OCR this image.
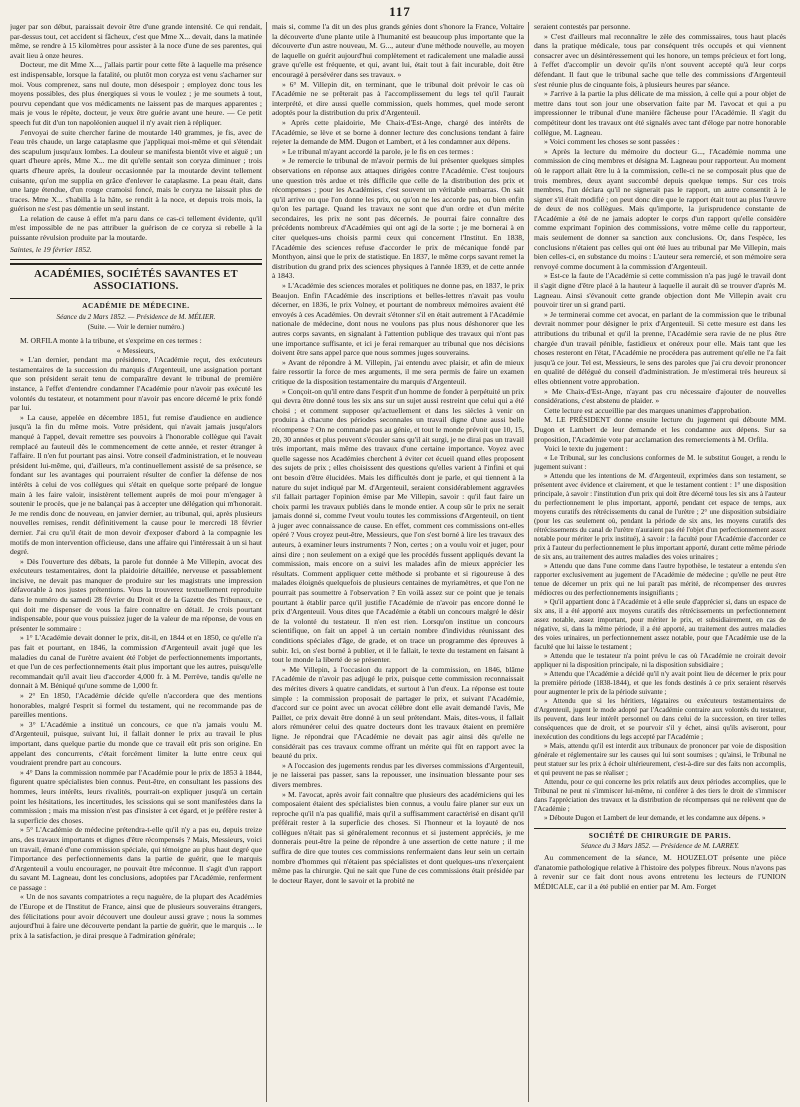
117

juger par son début, paraissait devoir être d'une grande intensité. Ce qui rendait, par-dessus tout, cet accident si fâcheux, c'est que Mme X... devait, dans la matinée même, se rendre à 15 kilomètres pour assister à la noce d'une de ses parentes, qui avait lieu à onze heures.

Docteur, me dit Mme X..., j'allais partir pour cette fête à laquelle ma présence est indispensable, lorsque la fatalité, ou plutôt mon coryza est venu s'acharner sur moi. Vous comprenez, sans nul doute, mon désespoir ; employez donc tous les moyens possibles, des plus énergiques si vous le voulez ; je me soumets à tout, pourvu cependant que vos médicaments ne laissent pas de marques apparentes ; mais je vous le répète, docteur, je veux être guérie avant une heure. — Ce petit speech fut dit d'un ton napoléonien auquel il n'y avait rien à répliquer.

J'envoyai de suite chercher farine de moutarde 140 grammes, je fis, avec de l'eau très chaude, un large cataplasme que j'appliquai moi-même et qui s'étendait des scapulum jusqu'aux lombes. La douleur se manifesta bientôt vive et aiguë ; un quart d'heure après, Mme X... me dit qu'elle sentait son coryza diminuer ; trois quarts d'heure après, la douleur occasionnée par la moutarde devint tellement cuisante, qu'on me supplia en grâce d'enlever le cataplasme. La peau était, dans une large étendue, d'un rouge cramoisi foncé, mais le coryza ne laissait plus de traces. Mme X... s'habilla à la hâte, se rendit à la noce, et depuis trois mois, la guérison ne s'est pas démentie un seul instant.

La relation de cause à effet m'a paru dans ce cas-ci tellement évidente, qu'il m'est impossible de ne pas attribuer la guérison de ce coryza si rebelle à la puissante révulsion produite par la moutarde.

Saintes, le 19 février 1852.

ACADÉMIES, SOCIÉTÉS SAVANTES ET ASSOCIATIONS.
ACADÉMIE DE MÉDECINE.
Séance du 2 Mars 1852. — Présidence de M. MÉLIER.
(Suite. — Voir le dernier numéro.)

M. ORFILA monte à la tribune, et s'exprime en ces termes :

« Messieurs,

» L'an dernier, pendant ma présidence, l'Académie reçut, des exécuteurs testamentaires de la succession du marquis d'Argenteuil, une assignation portant que son président serait tenu de comparaître devant le tribunal de première instance, à l'effet d'entendre condamner l'Académie pour n'avoir pas exécuté les volontés du testateur, et notamment pour n'avoir pas encore décerné le prix fondé par lui.

» La cause, appelée en décembre 1851, fut remise d'audience en audience jusqu'à la fin du même mois. Votre président, qui n'avait jamais jusqu'alors manqué à l'appel, devait remettre ses pouvoirs à l'honorable collègue qui l'avait remplacé au fauteuil dès le commencement de cette année, et rester étranger à l'affaire. Il n'en fut pourtant pas ainsi. Votre conseil d'administration, et le nouveau président lui-même, qui, d'ailleurs, m'a continuellement assisté de sa présence, se fondant sur les avantages qui pourraient résulter de confier la défense de nos intérêts à celui de vos collègues qui s'était en quelque sorte préparé de longue main à les faire valoir, insistèrent tellement auprès de moi pour m'engager à soutenir le procès, que je ne balançai pas à accepter une délégation qui m'honorait. Je me rendis donc de nouveau, en janvier dernier, au tribunal, qui, après plusieurs nouvelles remises, rendit définitivement la cause pour le mercredi 18 février dernier. J'ai cru qu'il était de mon devoir d'exposer d'abord à la compagnie les motifs de mon intervention officieuse, dans une affaire qui l'intéressait à un si haut degré.

» Dès l'ouverture des débats, la parole fut donnée à Me Villepin, avocat des exécuteurs testamentaires, dont la plaidoirie détaillée, nerveuse et passablement incisive, ne devait pas manquer de produire sur les magistrats une impression défavorable à nos justes prétentions. Vous la trouverez textuellement reproduite dans le numéro du samedi 28 février du Droit et de la Gazette des Tribunaux, ce qui doit me dispenser de vous la faire connaître en détail. Je crois pourtant indispensable, pour que vous puissiez juger de la valeur de ma réponse, de vous en présenter le sommaire :

» 1° L'Académie devait donner le prix, dit-il, en 1844 et en 1850, ce qu'elle n'a pas fait et pourtant, en 1846, la commission d'Argenteuil avait jugé que les maladies du canal de l'urètre avaient été l'objet de perfectionnements importants, et que l'un de ces perfectionnements était plus important que les autres, puisqu'elle recommandait qu'il avait lieu d'accorder 4,000 fr. à M. Perrève, tandis qu'elle ne donnait à M. Béniqué qu'une somme de 1,000 fr.

» 2° En 1850, l'Académie décide qu'elle n'accordera que des mentions honorables, malgré l'esprit si formel du testament, qui ne recommande pas de pareilles mentions.

» 3° L'Académie a institué un concours, ce que n'a jamais voulu M. d'Argenteuil, puisque, suivant lui, il fallait donner le prix au travail le plus important, dans quelque partie du monde que ce travail eût pris son origine. En appelant des concurrents, c'était forcément limiter la lutte entre ceux qui voudraient prendre part au concours.

» 4° Dans la commission nommée par l'Académie pour le prix de 1853 à 1844, figurent quatre spécialistes bien connus. Peut-être, en consultant les passions des hommes, leurs intérêts, leurs rivalités, pourrait-on expliquer jusqu'à un certain point les hésitations, les incertitudes, les scissions qui se sont manifestées dans la commission ; mais ma mission n'est pas d'insister à cet égard, et je préfère rester à la superficie des choses.

» 5° L'Académie de médecine prétendra-t-elle qu'il n'y a pas eu, depuis treize ans, des travaux importants et dignes d'être récompensés ? Mais, Messieurs, voici un travail, émané d'une commission spéciale, qui témoigne au plus haut degré que l'importance des perfectionnements dans la partie de guérir, que le marquis d'Argenteuil a voulu encourager, ne pouvait être méconnue. Il s'agit d'un rapport du savant M. Lagneau, dont les conclusions, adoptées par l'Académie, renferment ce passage :

« Un de nos savants compatriotes a reçu naguère, de la plupart des Académies de l'Europe et de l'Institut de France, ainsi que de plusieurs souverains étrangers, des félicitations pour avoir découvert une douleur aussi grave ; nous la sommes aujourd'hui à faire une découverte pendant la partie de guérir, que le marquis ... le prix à la satisfaction, je dirai presque à l'admiration générale;

mais si, comme l'a dit un des plus grands génies dont s'honore la France, Voltaire la découverte d'une plante utile à l'humanité est beaucoup plus importante que la découverte d'un astre nouveau, M. G..., auteur d'une méthode nouvelle, au moyen de laquelle on guérit aujourd'hui complètement et radicalement une maladie aussi grave qu'elle est fréquente, et qui, avant lui, était tout à fait incurable, doit être encouragé à persévérer dans ses travaux. »

» 6° M. Villepin dit, en terminant, que le tribunal doit prévoir le cas où l'Académie ne se prêterait pas à l'accomplissement du legs tel qu'il l'aurait interprété, et dire aussi quelle commission, quels hommes, quel mode seront adoptés pour la distribution du prix d'Argenteuil.

» Après cette plaidoirie, Me Chaix-d'Est-Ange, chargé des intérêts de l'Académie, se lève et se borne à donner lecture des conclusions tendant à faire rejeter la demande de MM. Dugon et Lambert, et à les condamner aux dépens.

» Le tribunal m'ayant accordé la parole, je le fis en ces termes :

» Je remercie le tribunal de m'avoir permis de lui présenter quelques simples observations en réponse aux attaques dirigées contre l'Académie. C'est toujours une question très ardue et très difficile que celle de la distribution des prix et récompenses ; pour les Académies, c'est souvent un véritable embarras. On sait qu'il arrive ou que l'on donne les prix, ou qu'on ne les accorde pas, ou bien enfin qu'on les partage. Quand les travaux ne sont que d'un ordre et d'un mérite secondaires, les prix ne sont pas décernés. Je pourrai faire connaître des précédents nombreux d'Académies qui ont agi de la sorte ; je me bornerai à en citer quelques-uns choisis parmi ceux qui concernent l'Institut. En 1838, l'Académie des sciences refuse d'accorder le prix de mécanique fondé par Monthyon, ainsi que le prix de statistique. En 1837, le même corps savant remet la distribution du grand prix des sciences physiques à l'année 1839, et de cette année à 1843.

» L'Académie des sciences morales et politiques ne donne pas, en 1837, le prix Beaujon. Enfin l'Académie des inscriptions et belles-lettres n'avait pas voulu décerner, en 1836, le prix Volney, et pourtant de nombreux mémoires avaient été envoyés à ces Académies. On devrait s'étonner s'il en était autrement à l'Académie nationale de médecine, dont nous ne voulons pas plus nous déshonorer que les autres corps savants, en signalant à l'attention publique des travaux qui n'ont pas une importance suffisante, et ici je ferai remarquer au tribunal que nos décisions doivent être sans appel parce que nous sommes juges souverains.

» Avant de répondre à M. Villepin, j'ai entendu avec plaisir, et afin de mieux faire ressortir la force de mes arguments, il me sera permis de faire un examen critique de la disposition testamentaire du marquis d'Argenteuil.

» Conçoit-on qu'il entre dans l'esprit d'un homme de fonder à perpétuité un prix qui devra être donné tous les six ans sur un sujet aussi restreint que celui qui a été choisi ; et comment supposer qu'actuellement et dans les siècles à venir on produira à chacune des périodes seconnales un travail digne d'une aussi belle récompense ? On ne commande pas au génie, et tout le monde prévoit que 10, 15, 20, 30 années et plus peuvent s'écouler sans qu'il ait surgi, je ne dirai pas un travail très important, mais même des travaux d'une certaine importance. Voyez avec quelle sagesse nos Académies cherchent à éviter cet écueil quand elles proposent des sujets de prix ; elles choisissent des questions qu'elles varient à l'infini et qui ont besoin d'être élucidées. Mais les difficultés dont je parle, et qui tiennent à la nature du sujet indiqué par M. d'Argenteuil, seraient considérablement aggravées s'il fallait partager l'opinion émise par Me Villepin, savoir : qu'il faut faire un choix parmi les travaux publiés dans le monde entier. A coup sûr le prix ne serait jamais donné si, comme l'veut voulu toutes les commissions d'Argenteuil, on tient à juger avec connaissance de cause. En effet, comment ces commissions ont-elles opéré ? Vous croyez peut-être, Messieurs, que l'on s'est borné à lire les travaux des auteurs, à examiner leurs instruments ? Non, certes ; on a voulu voir et juger, pour ainsi dire ; non seulement on a exigé que les procédés fussent appliqués devant la commission, mais encore on a suivi les malades afin de mieux apprécier les résultats. Comment appliquer cette méthode si probante et si rigoureuse à des malades éloignés quelquefois de plusieurs centaines de myriamètres, et que l'on ne pourrait pas soumettre à l'observation ? En voilà assez sur ce point que je tenais pourtant à établir parce qu'il justifie l'Académie de n'avoir pas encore donné le prix d'Argenteuil. Vous dites que l'Académie a établi un concours malgré le désir de la volonté du testateur. Il n'en est rien. Lorsqu'on institue un concours scientifique, on fait un appel à un certain nombre d'individus réunissant des conditions spéciales d'âge, de grade, et on trace un programme des épreuves à subir. Ici, on s'est borné à publier, et il le fallait, le texte du testament en faisant à tout le monde la liberté de se présenter.

» Me Villepin, à l'occasion du rapport de la commission, en 1846, blâme l'Académie de n'avoir pas adjugé le prix, puisque cette commission reconnaissait des mérites divers à quatre candidats, et surtout à l'un d'eux. La réponse est toute simple : la commission proposait de partager le prix, et suivant l'Académie, d'accord sur ce point avec un avocat célèbre dont elle avait demandé l'avis, Me Paillet, ce prix devait être donné à un seul prétendant. Mais, dites-vous, il fallait alors rémunérer celui des quatre docteurs dont les travaux étaient en première ligne. Je répondrai que l'Académie ne devait pas agir ainsi dès qu'elle ne considérait pas ces travaux comme offrant un mérite qui fût en rapport avec la beauté du prix.

» A l'occasion des jugements rendus par les diverses commissions d'Argenteuil, je ne laisserai pas passer, sans la repousser, une insinuation blessante pour ses divers membres.

» M. l'avocat, après avoir fait connaître que plusieurs des académiciens qui les composaient étaient des spécialistes bien connus, a voulu faire planer sur eux un reproche qu'il n'a pas qualifié, mais qu'il a suffisamment caractérisé en disant qu'il préférait rester à la superficie des choses. Si l'honneur et la loyauté de nos collègues n'était pas si généralement reconnus et si justement appréciés, je me donnerais peut-être la peine de répondre à une assertion de cette nature ; il me suffira de dire que toutes ces commissions renfermaient dans leur sein un certain nombre d'hommes qui n'étaient pas spécialistes et dont quelques-uns n'exerçaient même pas la chirurgie. Qui ne sait que l'une de ces commissions était présidée par le docteur Rayer, dont le savoir et la probité ne

seraient contestés par personne.

» C'est d'ailleurs mal reconnaître le zèle des commissaires, tous haut placés dans la pratique médicale, tous par conséquent très occupés et qui viennent consacrer avec un désintéressement qui les honore, un temps précieux et fort long, à l'effet d'accomplir un devoir qu'ils n'ont souvent accepté qu'à leur corps défendant. Il faut que le tribunal sache que telle des commissions d'Argenteuil s'est réunie plus de cinquante fois, à plusieurs heures par séance.

» J'arrive à la partie la plus délicate de ma mission, à celle qui a pour objet de mettre dans tout son jour une observation faite par M. l'avocat et qui a pu impressionner le tribunal d'une manière fâcheuse pour l'Académie. Il s'agit du compétiteur dont les travaux ont été signalés avec tant d'éloge par notre honorable collègue, M. Lagneau.

» Voici comment les choses se sont passées :

» Après la lecture du mémoire du docteur G..., l'Académie nomma une commission de cinq membres et désigna M. Lagneau pour rapporteur. Au moment où le rapport allait être lu à la commission, celle-ci ne se composait plus que de trois membres, deux ayant succombé depuis quelque temps. Sur ces trois membres, l'un déclara qu'il ne signerait pas le rapport, un autre consentit à le signer s'il était modifié ; on peut donc dire que le rapport était tout au plus l'œuvre de deux de nos collègues. Mais qu'importe, la jurisprudence constante de l'Académie a été de ne jamais adopter le corps d'un rapport qu'elle considère comme exprimant l'opinion des commissions, votre même celle du rapporteur, mais seulement de donner sa sanction aux conclusions. Or, dans l'espèce, les conclusions n'étaient pas celles qui ont été lues au tribunal par Me Villepin, mais bien celles-ci, en substance du moins : L'auteur sera remercié, et son mémoire sera renvoyé comme document à la commission d'Argenteuil.

» Est-ce la faute de l'Académie si cette commission n'a pas jugé le travail dont il s'agit digne d'être placé à la hauteur à laquelle il aurait dû se trouver d'après M. Lagneau. Ainsi s'évanouit cette grande objection dont Me Villepin avait cru pouvoir tirer un si grand parti.

» Je terminerai comme cet avocat, en parlant de la commission que le tribunal devrait nommer pour désigner le prix d'Argenteuil. Si cette mesure est dans les attributions du tribunal et qu'il la prenne, l'Académie sera ravie de ne plus être chargée d'un travail pénible, fastidieux et onéreux pour elle. Mais tant que les choses resteront en l'état, l'Académie ne procédera pas autrement qu'elle ne l'a fait jusqu'à ce jour. Tel est, Messieurs, le sens des paroles que j'ai cru devoir prononcer en qualité de délégué du conseil d'administration. Je m'estimerai très heureux si elles obtiennent votre approbation.

» Me Chaix-d'Est-Ange, n'ayant pas cru nécessaire d'ajouter de nouvelles considérations, c'est abstenu de plaider. »

Cette lecture est accueillie par des marques unanimes d'approbation.

M. LE PRÉSIDENT donne ensuite lecture du jugement qui déboute MM. Dugon et Lambert de leur demande et les condamne aux dépens. Sur sa proposition, l'Académie vote par acclamation des remerciements à M. Orfila.

Voici le texte du jugement :

« Le Tribunal, sur les conclusions conformes de M. le substitut Gouget, a rendu le jugement suivant :

» Attendu que les intentions de M. d'Argenteuil, exprimées dans son testament, se présentent avec évidence et clairement, et que le testament contient : 1° une disposition principale, à savoir : l'institution d'un prix qui doit être décerné tous les six ans à l'auteur du perfectionnement le plus important, apporté, pendant cet espace de temps, aux moyens curatifs des rétrécissements du canal de l'urètre ; 2° une disposition subsidiaire (pour les cas seulement où, pendant la période de six ans, les moyens curatifs des rétrécissements du canal de l'urètre n'auraient pas été l'objet d'un perfectionnement assez notable pour mériter le prix institué), à savoir : la faculté pour l'Académie d'accorder ce prix à l'auteur du perfectionnement le plus important apporté, durant cette même période de six ans, au traitement des autres maladies des voies urinaires ;

» Attendu que dans l'une comme dans l'autre hypothèse, le testateur a entendu s'en rapporter exclusivement au jugement de l'Académie de médecine ; qu'elle ne peut être tenue de décerner un prix qui ne lui paraît pas mérité, de récompenser des œuvres médiocres ou des perfectionnements insignifiants ;

» Qu'il appartient donc à l'Académie et à elle seule d'apprécier si, dans un espace de six ans, il a été apporté aux moyens curatifs des rétrécissements un perfectionnement assez notable, assez important, pour mériter le prix, et subsidiairement, en cas de négative, si, dans la même période, il a été apporté, au traitement des autres maladies des voies urinaires, un perfectionnement assez notable, pour que l'Académie use de la faculté que lui laisse le testament ;

» Attendu que le testateur n'a point prévu le cas où l'Académie ne croirait devoir appliquer ni la disposition principale, ni la disposition subsidiaire ;

» Attendu que l'Académie a décidé qu'il n'y avait point lieu de décerner le prix pour la première période (1838-1844), et que les fonds destinés à ce prix seraient réservés pour augmenter le prix de la période suivante ;

» Attendu que si les héritiers, légataires ou exécuteurs testamentaires de d'Argenteuil, jugent le mode adopté par l'Académie contraire aux volontés du testateur, ils peuvent, dans leur intérêt personnel ou dans celui de la succession, en tirer telles conséquences que de droit, et se pourvoir s'il y échet, ainsi qu'ils aviseront, pour inexécution des conditions du legs accepté par l'Académie ;

» Mais, attendu qu'il est interdit aux tribunaux de prononcer par voie de disposition générale et réglementaire sur les causes qui lui sont soumises ; qu'ainsi, le Tribunal ne peut statuer sur les prix à échoir ultérieurement, c'est-à-dire sur des faits non accomplis, et qui peuvent ne pas se réaliser ;

Attendu, pour ce qui concerne les prix relatifs aux deux périodes accomplies, que le Tribunal ne peut ni s'immiscer lui-même, ni conférer à des tiers le droit de s'immiscer dans l'appréciation des travaux et la distribution de récompenses qui ne relèvent que de l'Académie ;

» Déboute Dugon et Lambert de leur demande, et les condamne aux dépens. »

SOCIÉTÉ DE CHIRURGIE DE PARIS.
Séance du 3 Mars 1852. — Présidence de M. LARREY.

Au commencement de la séance, M. HOUZELOT présente une pièce d'anatomie pathologique relative à l'histoire des polypes fibreux. Nous n'avons pas à revenir sur ce fait dont nous avons entretenu les lecteurs de l'UNION MÉDICALE, car il a été publié en entier par M. Am. Forget
